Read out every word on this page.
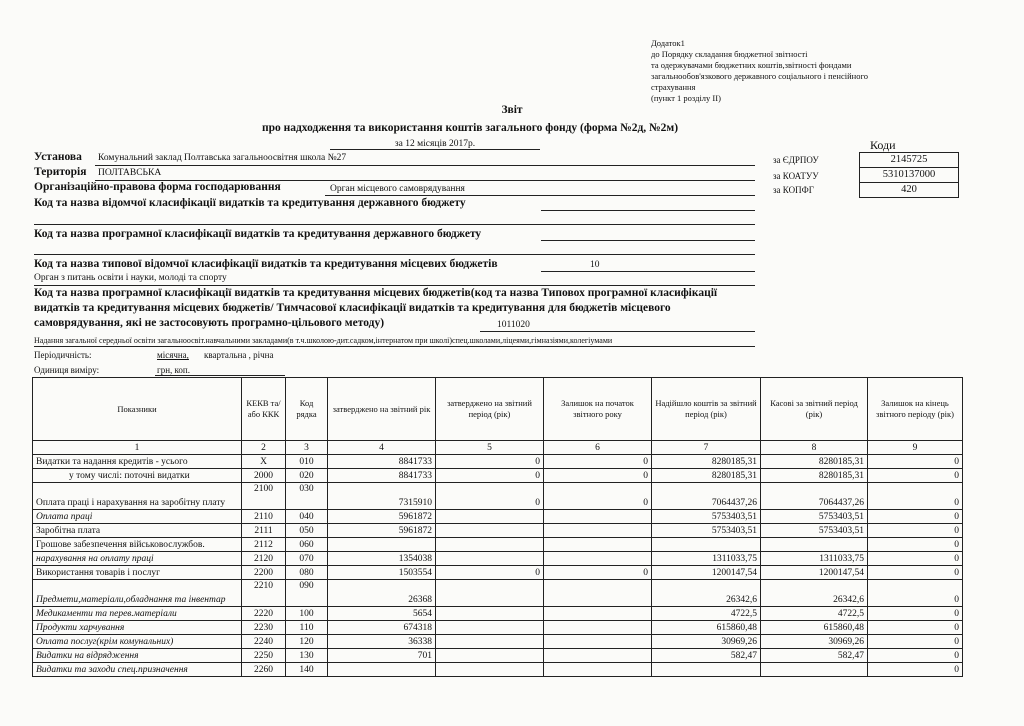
Додаток1
до Порядку складання бюджетної звітності
та одержувачами бюджетних коштів,звітності фондами
загальнообов'язкового державного соціального і пенсійного
страхування
(пункт 1 розділу ІІ)
Звіт
про надходження та використання коштів загального фонду (форма №2д, №2м)
за 12 місяців 2017р.	Коди
за ЄДРПОУ	2145725
за КОАТУУ	5310137000
за КОПФГ	420
Установа Комунальний заклад Полтавська загальноосвітня школа №27
Територія ПОЛТАВСЬКА
Організаційно-правова форма господарювання	Орган місцевого самоврядування
Код та назва відомчої класифікації видатків та кредитування державного бюджету
Код та назва програмної класифікації видатків та кредитування державного бюджету
Код та назва типової відомчої класифікації видатків та кредитування місцевих бюджетів	10
Орган з питань освіти і науки, молоді та спорту
Код та назва програмної класифікації видатків та кредитування місцевих бюджетів(код та назва Типовох програмної класифікації
видатків та кредитування місцевих бюджетів/ Тимчасової класифікації видатків та кредитування для бюджетів місцевого
самоврядування, які не застосовують програмно-цільового методу)	1011020
Надання загальної середньої освіти загальноосвіт.навчальними закладами(в т.ч.школою-дит.садком,інтернатом при школі)спец.школами,ліцеями,гімназіями,колегіумами
Періодичність:	місячна, квартальна , річна
Одиниця виміру:	грн, коп.
Показники	КЕКВ та/або ККК	Код рядка	затверджено на звітний рік	затверджено на звітний період (рік)	Залишок на початок звітного року	Надійшло коштів за звітний період (рік)	Касові за звітний період (рік)	Залишок на кінець звітного періоду (рік)
1	2	3	4	5	6	7	8	9
Видатки та надання кредитів - усього	X	010	8841733	0	0	8280185,31	8280185,31	0
у тому числі: поточні видатки	2000	020	8841733	0	0	8280185,31	8280185,31	0
Оплата праці і нарахування на заробітну плату	2100	030	7315910	0	0	7064437,26	7064437,26	0
Оплата праці	2110	040	5961872			5753403,51	5753403,51	0
Заробітна плата	2111	050	5961872			5753403,51	5753403,51	0
Грошове забезпечення військовослужбов.	2112	060						0
нарахування на оплату праці	2120	070	1354038			1311033,75	1311033,75	0
Використання товарів і послуг	2200	080	1503554	0	0	1200147,54	1200147,54	0
Предмети,матеріали,обладнання та інвентар	2210	090	26368			26342,6	26342,6	0
Медикаменти та перев.матеріали	2220	100	5654			4722,5	4722,5	0
Продукти харчування	2230	110	674318			615860,48	615860,48	0
Оплата послуг(крім комунальних)	2240	120	36338			30969,26	30969,26	0
Видатки на відрядження	2250	130	701			582,47	582,47	0
Видатки та заходи спец.призначення	2260	140						0
